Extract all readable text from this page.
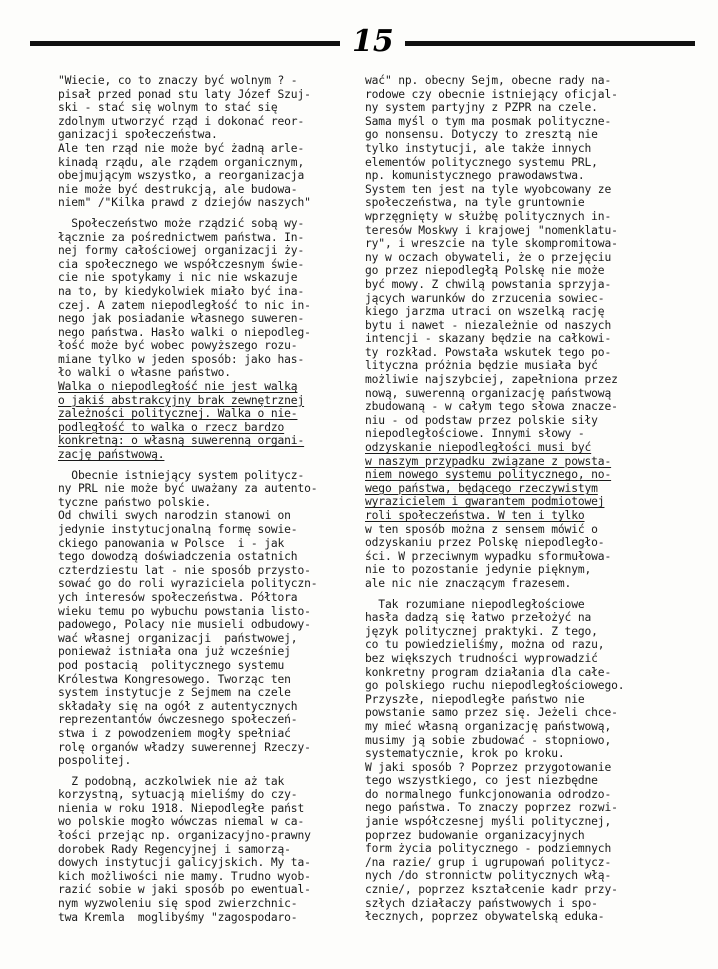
15
"Wiecie, co to znaczy być wolnym ? -
pisał przed ponad stu laty Józef Szuj-
ski - stać się wolnym to stać się
zdolnym utworzyć rząd i dokonać reor-
ganizacji społeczeństwa.
Ale ten rząd nie może być żadną arle-
kinadą rządu, ale rządem organicznym,
obejmującym wszystko, a reorganizacja
nie może być destrukcją, ale budowa-
niem" /"Kilka prawd z dziejów naszych"
Społeczeństwo może rządzić sobą wy-
łącznie za pośrednictwem państwa. In-
nej formy całościowej organizacji ży-
cia społecznego we współczesnym świe-
cie nie spotykamy i nic nie wskazuje
na to, by kiedykolwiek miało być ina-
czej. A zatem niepodległość to nic in-
nego jak posiadanie własnego suweren-
nego państwa. Hasło walki o niepodleg-
łość może być wobec powyższego rozu-
miane tylko w jeden sposób: jako has-
ło walki o własne państwo.
Walka o niepodległość nie jest walką
o jakiś abstrakcyjny brak zewnętrznej
zależności politycznej. Walka o nie-
podległość to walka o rzecz bardzo
konkretną: o własną suwerenną organi-
zację państwową.
Obecnie istniejący system politycz-
ny PRL nie może być uważany za autento-
tyczne państwo polskie.
Od chwili swych narodzin stanowi on
jedynie instytucjonalną formę sowie-
ckiego panowania w Polsce  i - jak
tego dowodzą doświadczenia ostatnich
czterdziestu lat - nie sposób przysto-
sować go do roli wyraziciela polityczn-
ych interesów społeczeństwa. Półtora
wieku temu po wybuchu powstania listo-
padowego, Polacy nie musieli odbudowy-
wać własnej organizacji  państwowej,
ponieważ istniała ona już wcześniej
pod postacią  politycznego systemu
Królestwa Kongresowego. Tworząc ten
system instytucje z Sejmem na czele
składały się na ogół z autentycznych
reprezentantów ówczesnego społeczeń-
stwa i z powodzeniem mogły spełniać
rolę organów władzy suwerennej Rzeczy-
pospolitej.
Z podobną, aczkolwiek nie aż tak
korzystną, sytuacją mieliśmy do czy-
nienia w roku 1918. Niepodległe państ
wo polskie mogło wówczas niemal w ca-
łości przejąc np. organizacyjno-prawny
dorobek Rady Regencyjnej i samorzą-
dowych instytucji galicyjskich. My ta-
kich możliwości nie mamy. Trudno wyob-
razić sobie w jaki sposób po ewentual-
nym wyzwoleniu się spod zwierzchnic-
twa Kremla  moglibyśmy "zagospodaro-
wać" np. obecny Sejm, obecne rady na-
rodowe czy obecnie istniejący oficjal-
ny system partyjny z PZPR na czele.
Sama myśl o tym ma posmak polityczne-
go nonsensu. Dotyczy to zresztą nie
tylko instytucji, ale także innych
elementów politycznego systemu PRL,
np. komunistycznego prawodawstwa.
System ten jest na tyle wyobcowany ze
społeczeństwa, na tyle gruntownie
wprzęgnięty w służbę politycznych in-
teresów Moskwy i krajowej "nomenklatu-
ry", i wreszcie na tyle skompromitowa-
ny w oczach obywateli, że o przejęciu
go przez niepodległą Polskę nie może
być mowy. Z chwilą powstania sprzyja-
jących warunków do zrzucenia sowiec-
kiego jarzma utraci on wszelką rację
bytu i nawet - niezależnie od naszych
intencji - skazany będzie na całkowi-
ty rozkład. Powstała wskutek tego po-
lityczna próżnia będzie musiała być
możliwie najszybciej, zapełniona przez
nową, suwerenną organizację państwową
zbudowaną - w całym tego słowa znacze-
niu - od podstaw przez polskie siły
niepodległościowe. Innymi słowy -
odzyskanie niepodległości musi być
w naszym przypadku związane z powsta-
niem nowego systemu politycznego, no-
wego państwa, będącego rzeczywistym
wyrazicielem i gwarantem podmiotowej
roli społeczeństwa. W ten i tylko
w ten sposób można z sensem mówić o
odzyskaniu przez Polskę niepodległo-
ści. W przeciwnym wypadku sformułowa-
nie to pozostanie jedynie pięknym,
ale nic nie znaczącym frazesem.
Tak rozumiane niepodległościowe
hasła dadzą się łatwo przełożyć na
język politycznej praktyki. Z tego,
co tu powiedzieliśmy, można od razu,
bez większych trudności wyprowadzić
konkretny program działania dla całe-
go polskiego ruchu niepodległościowego.
Przyszłe, niepodległe państwo nie
powstanie samo przez się. Jeżeli chce-
my mieć własną organizację państwową,
musimy ją sobie zbudować - stopniowo,
systematycznie, krok po kroku.
W jaki sposób ? Poprzez przygotowanie
tego wszystkiego, co jest niezbędne
do normalnego funkcjonowania odrodzo-
nego państwa. To znaczy poprzez rozwi-
janie współczesnej myśli politycznej,
poprzez budowanie organizacyjnych
form życia politycznego - podziemnych
/na razie/ grup i ugrupowań politycz-
nych /do stronnictw politycznych włą-
cznie/, poprzez kształcenie kadr przy-
szłych działaczy państwowych i spo-
łecznych, poprzez obywatelską eduka-
